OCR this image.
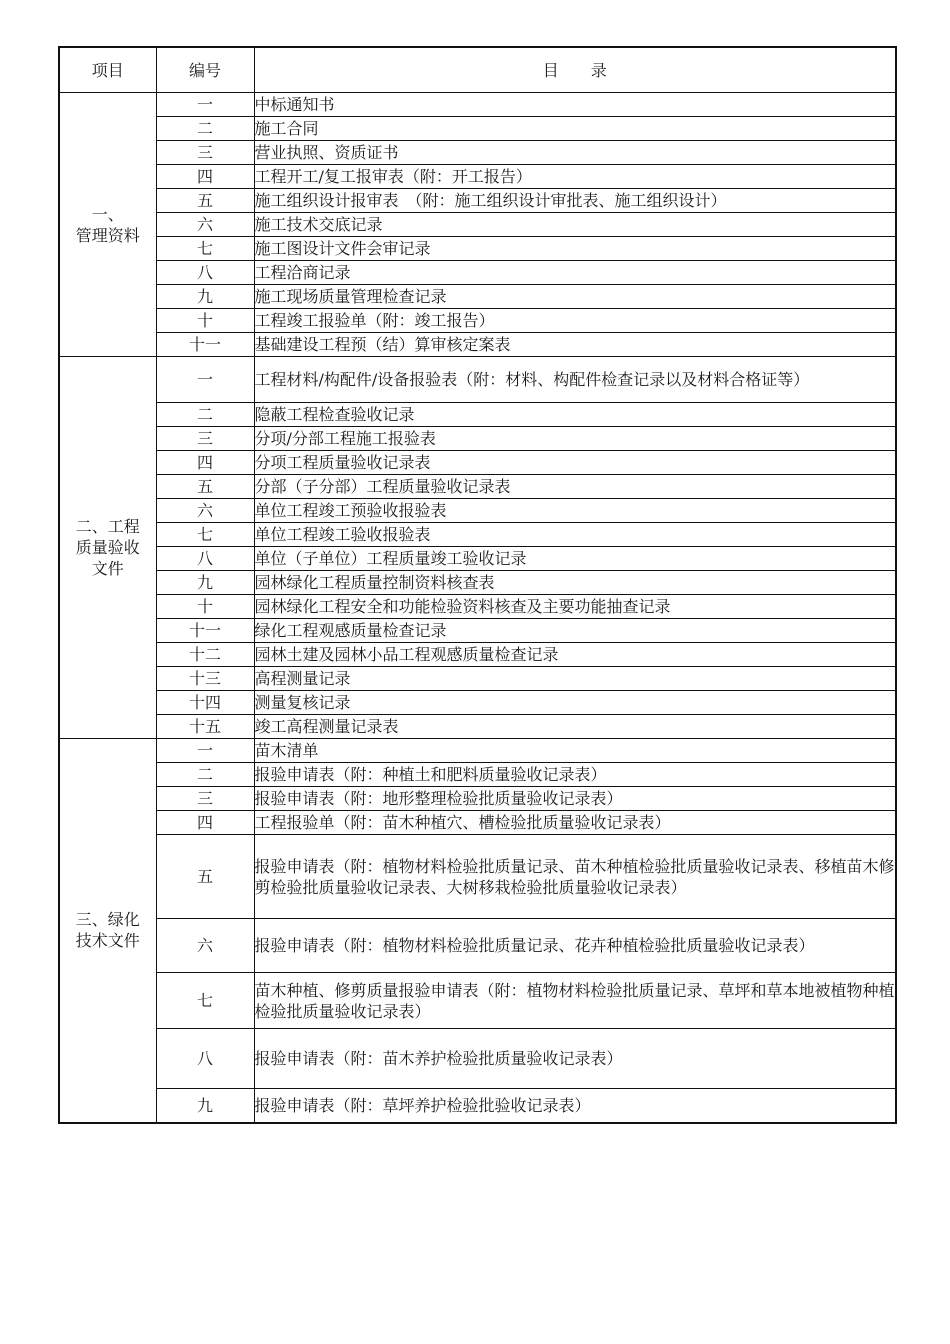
项目	编号	目　　录
一、
管理资料	一	中标通知书
	二	施工合同
	三	营业执照、资质证书
	四	工程开工/复工报审表（附：开工报告）
	五	施工组织设计报审表　（附：施工组织设计审批表、施工组织设计）
	六	施工技术交底记录
	七	施工图设计文件会审记录
	八	工程洽商记录
	九	施工现场质量管理检查记录
	十	工程竣工报验单（附：竣工报告）
	十一	基础建设工程预（结）算审核定案表
二、工程
质量验收
文件	一	工程材料/构配件/设备报验表（附：材料、构配件检查记录以及材料合格证等）
	二	隐蔽工程检查验收记录
	三	分项/分部工程施工报验表
	四	分项工程质量验收记录表
	五	分部（子分部）工程质量验收记录表
	六	单位工程竣工预验收报验表
	七	单位工程竣工验收报验表
	八	单位（子单位）工程质量竣工验收记录
	九	园林绿化工程质量控制资料核查表
	十	园林绿化工程安全和功能检验资料核查及主要功能抽查记录
	十一	绿化工程观感质量检查记录
	十二	园林土建及园林小品工程观感质量检查记录
	十三	高程测量记录
	十四	测量复核记录
	十五	竣工高程测量记录表
三、绿化
技术文件	一	苗木清单
	二	报验申请表（附：种植土和肥料质量验收记录表）
	三	报验申请表（附：地形整理检验批质量验收记录表）
	四	工程报验单（附：苗木种植穴、槽检验批质量验收记录表）
	五	报验申请表（附：植物材料检验批质量记录、苗木种植检验批质量验收记录表、移植苗木修剪检验批质量验收记录表、大树移栽检验批质量验收记录表）
	六	报验申请表（附：植物材料检验批质量记录、花卉种植检验批质量验收记录表）
	七	苗木种植、修剪质量报验申请表（附：植物材料检验批质量记录、草坪和草本地被植物种植检验批质量验收记录表）
	八	报验申请表（附：苗木养护检验批质量验收记录表）
	九	报验申请表（附：草坪养护检验批验收记录表）
